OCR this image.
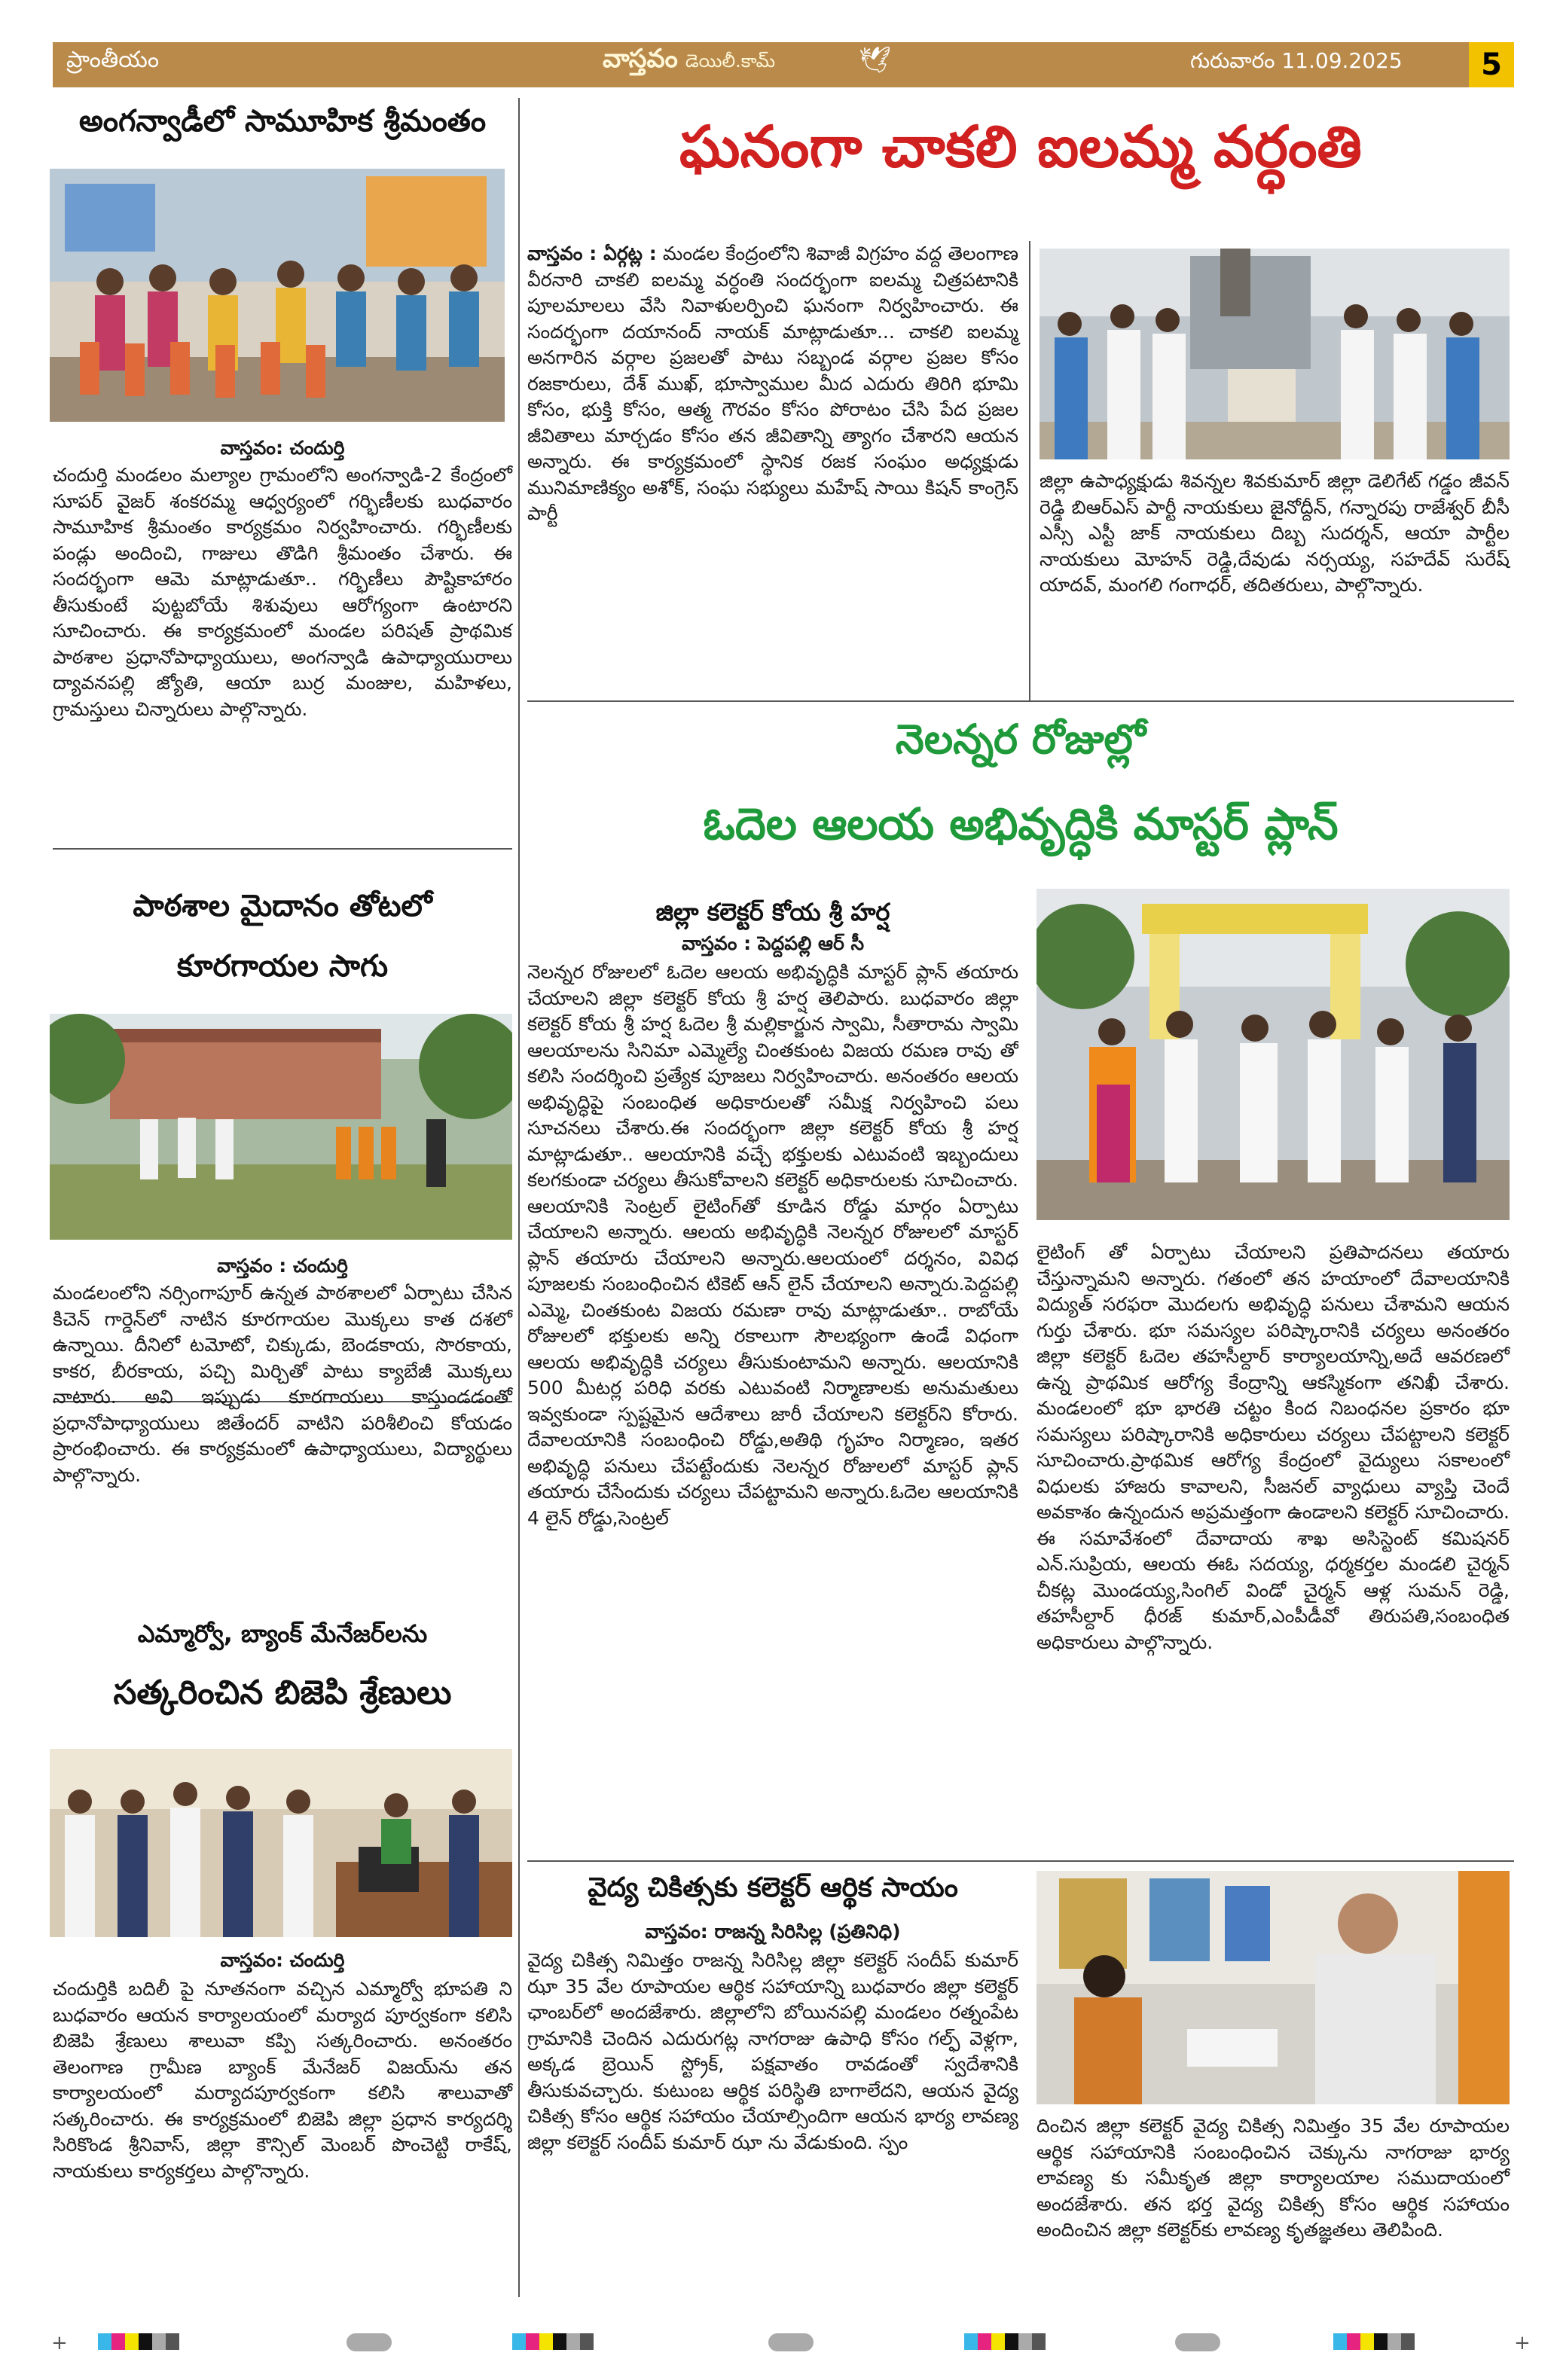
ప్రాంతీయం	వాస్తవం డెయిలీ.కామ్	🕊	గురువారం 11.09.2025	5
అంగన్వాడీలో సామూహిక శ్రీమంతం
వాస్తవం: చందుర్తి

చందుర్తి మండలం మల్యాల గ్రామంలోని అంగన్వాడి-2 కేంద్రంలో సూపర్ వైజర్ శంకరమ్మ ఆధ్వర్యంలో గర్భిణీలకు బుధవారం సామూహిక శ్రీమంతం కార్యక్రమం నిర్వహించారు. గర్భిణీలకు పండ్లు అందించి, గాజులు తొడిగి శ్రీమంతం చేశారు. ఈ సందర్భంగా ఆమె మాట్లాడుతూ.. గర్భిణీలు పౌష్టికాహారం తీసుకుంటే పుట్టబోయే శిశువులు ఆరోగ్యంగా ఉంటారని సూచించారు. ఈ కార్యక్రమంలో మండల పరిషత్ ప్రాథమిక పాఠశాల ప్రధానోపాధ్యాయులు, అంగన్వాడి ఉపాధ్యాయురాలు ద్యావనపల్లి జ్యోతి, ఆయా బుర్ర మంజుల, మహిళలు, గ్రామస్తులు చిన్నారులు పాల్గొన్నారు.

పాఠశాల మైదానం తోటలో
కూరగాయల సాగు
వాస్తవం : చందుర్తి

మండలంలోని నర్సింగాపూర్ ఉన్నత పాఠశాలలో ఏర్పాటు చేసిన కిచెన్ గార్డెన్‌లో నాటిన కూరగాయల మొక్కలు కాత దశలో ఉన్నాయి. దీనిలో టమోటో, చిక్కుడు, బెండకాయ, సొరకాయ, కాకర, బీరకాయ, పచ్చి మిర్చితో పాటు క్యాబేజీ మొక్కలు నాటారు. అవి ఇప్పుడు కూరగాయలు కాస్తుండడంతో ప్రధానోపాధ్యాయులు జితేందర్ వాటిని పరిశీలించి కోయడం ప్రారంభించారు. ఈ కార్యక్రమంలో ఉపాధ్యాయులు, విద్యార్థులు పాల్గొన్నారు.

ఎమ్మార్వో, బ్యాంక్ మేనేజర్‌లను
సత్కరించిన బిజెపి శ్రేణులు
వాస్తవం: చందుర్తి

చందుర్తికి బదిలీ పై నూతనంగా వచ్చిన ఎమ్మార్వో భూపతి ని బుధవారం ఆయన కార్యాలయంలో మర్యాద పూర్వకంగా కలిసి బిజెపి శ్రేణులు శాలువా కప్పి సత్కరించారు. అనంతరం తెలంగాణ గ్రామీణ బ్యాంక్ మేనేజర్ విజయ్‌ను తన కార్యాలయంలో మర్యాదపూర్వకంగా కలిసి శాలువాతో సత్కరించారు. ఈ కార్యక్రమంలో బిజెపి జిల్లా ప్రధాన కార్యదర్శి సిరికొండ శ్రీనివాస్, జిల్లా కౌన్సిల్ మెంబర్ పొంచెట్టి రాకేష్, నాయకులు కార్యకర్తలు పాల్గొన్నారు.

ఘనంగా చాకలి ఐలమ్మ వర్ధంతి

వాస్తవం : ఏర్గట్ల : మండల కేంద్రంలోని శివాజీ విగ్రహం వద్ద తెలంగాణ వీరనారి చాకలి ఐలమ్మ వర్ధంతి సందర్భంగా ఐలమ్మ చిత్రపటానికి పూలమాలలు వేసి నివాళులర్పించి ఘనంగా నిర్వహించారు. ఈ సందర్భంగా దయానంద్ నాయక్ మాట్లాడుతూ... చాకలి ఐలమ్మ అనగారిన వర్గాల ప్రజలతో పాటు సబ్బండ వర్గాల ప్రజల కోసం రజకారులు, దేశ్ ముఖ్, భూస్వాముల మీద ఎదురు తిరిగి భూమి కోసం, భుక్తి కోసం, ఆత్మ గౌరవం కోసం పోరాటం చేసి పేద ప్రజల జీవితాలు మార్చడం కోసం తన జీవితాన్ని త్యాగం చేశారని ఆయన అన్నారు. ఈ కార్యక్రమంలో స్థానిక రజక సంఘం అధ్యక్షుడు మునిమాణిక్యం అశోక్, సంఘ సభ్యులు మహేష్ సాయి కిషన్ కాంగ్రెస్ పార్టీ

జిల్లా ఉపాధ్యక్షుడు శివన్నల శివకుమార్ జిల్లా డెలిగేట్ గడ్డం జీవన్ రెడ్డి బిఆర్ఎస్ పార్టీ నాయకులు జైనోద్దీన్, గన్నారపు రాజేశ్వర్ బీసీ ఎస్సీ ఎస్టీ జాక్ నాయకులు దిబ్బ సుదర్శన్, ఆయా పార్టీల నాయకులు మోహన్ రెడ్డి,దేవుడు నర్సయ్య, సహదేవ్ సురేష్ యాదవ్, మంగలి గంగాధర్, తదితరులు, పాల్గొన్నారు.

నెలన్నర రోజుల్లో
ఓదెల ఆలయ అభివృద్ధికి మాస్టర్ ప్లాన్
జిల్లా కలెక్టర్ కోయ శ్రీ హర్ష
వాస్తవం : పెద్దపల్లి ఆర్ సీ

నెలన్నర రోజులలో ఓదెల ఆలయ అభివృద్ధికి మాస్టర్ ప్లాన్ తయారు చేయాలని జిల్లా కలెక్టర్ కోయ శ్రీ హర్ష తెలిపారు. బుధవారం జిల్లా కలెక్టర్ కోయ శ్రీ హర్ష ఓదెల శ్రీ మల్లికార్జున స్వామి, సీతారామ స్వామి ఆలయాలను సినిమా ఎమ్మెల్యే చింతకుంట విజయ రమణ రావు తో కలిసి సందర్శించి ప్రత్యేక పూజలు నిర్వహించారు. అనంతరం ఆలయ అభివృద్ధిపై సంబంధిత అధికారులతో సమీక్ష నిర్వహించి పలు సూచనలు చేశారు.ఈ సందర్భంగా జిల్లా కలెక్టర్ కోయ శ్రీ హర్ష మాట్లాడుతూ.. ఆలయానికి వచ్చే భక్తులకు ఎటువంటి ఇబ్బందులు కలగకుండా చర్యలు తీసుకోవాలని కలెక్టర్ అధికారులకు సూచించారు. ఆలయానికి సెంట్రల్ లైటింగ్‌తో కూడిన రోడ్డు మార్గం ఏర్పాటు చేయాలని అన్నారు. ఆలయ అభివృద్ధికి నెలన్నర రోజులలో మాస్టర్ ప్లాన్ తయారు చేయాలని అన్నారు.ఆలయంలో దర్శనం, వివిధ పూజలకు సంబంధించిన టికెట్ ఆన్ లైన్ చేయాలని అన్నారు.పెద్దపల్లి ఎమ్మె, చింతకుంట విజయ రమణా రావు మాట్లాడుతూ.. రాబోయే రోజులలో భక్తులకు అన్ని రకాలుగా సౌలభ్యంగా ఉండే విధంగా ఆలయ అభివృద్ధికి చర్యలు తీసుకుంటామని అన్నారు. ఆలయానికి 500 మీటర్ల పరిధి వరకు ఎటువంటి నిర్మాణాలకు అనుమతులు ఇవ్వకుండా స్పష్టమైన ఆదేశాలు జారీ చేయాలని కలెక్టర్‌ని కోరారు. దేవాలయానికి సంబంధించి రోడ్డు,అతిథి గృహం నిర్మాణం, ఇతర అభివృద్ధి పనులు చేపట్టేందుకు నెలన్నర రోజులలో మాస్టర్ ప్లాన్ తయారు చేసేందుకు చర్యలు చేపట్టామని అన్నారు.ఓదెల ఆలయానికి 4 లైన్ రోడ్డు,సెంట్రల్

లైటింగ్ తో ఏర్పాటు చేయాలని ప్రతిపాదనలు తయారు చేస్తున్నామని అన్నారు. గతంలో తన హయాంలో దేవాలయానికి విద్యుత్ సరఫరా మొదలగు అభివృద్ధి పనులు చేశామని ఆయన గుర్తు చేశారు. భూ సమస్యల పరిష్కారానికి చర్యలు అనంతరం జిల్లా కలెక్టర్ ఓదెల తహసీల్దార్ కార్యాలయాన్ని,అదే ఆవరణలో ఉన్న ప్రాథమిక ఆరోగ్య కేంద్రాన్ని ఆకస్మికంగా తనిఖీ చేశారు. మండలంలో భూ భారతి చట్టం కింద నిబంధనల ప్రకారం భూ సమస్యలు పరిష్కారానికి అధికారులు చర్యలు చేపట్టాలని కలెక్టర్ సూచించారు.ప్రాథమిక ఆరోగ్య కేంద్రంలో వైద్యులు సకాలంలో విధులకు హాజరు కావాలని, సీజనల్ వ్యాధులు వ్యాప్తి చెందే అవకాశం ఉన్నందున అప్రమత్తంగా ఉండాలని కలెక్టర్ సూచించారు. ఈ సమావేశంలో దేవాదాయ శాఖ అసిస్టెంట్ కమిషనర్ ఎన్.సుప్రియ, ఆలయ ఈఓ సదయ్య, ధర్మకర్తల మండలి చైర్మన్ చీకట్ల మొండయ్య,సింగిల్ విండో చైర్మన్ ఆళ్ల సుమన్ రెడ్డి, తహసీల్దార్ ధీరజ్ కుమార్,ఎంపీడీవో తిరుపతి,సంబంధిత అధికారులు పాల్గొన్నారు.

వైద్య చికిత్సకు కలెక్టర్ ఆర్థిక సాయం
వాస్తవం: రాజన్న సిరిసిల్ల (ప్రతినిధి)

వైద్య చికిత్స నిమిత్తం రాజన్న సిరిసిల్ల జిల్లా కలెక్టర్ సందీప్ కుమార్ ఝా 35 వేల రూపాయల ఆర్థిక సహాయాన్ని బుధవారం జిల్లా కలెక్టర్ ఛాంబర్‌లో అందజేశారు. జిల్లాలోని బోయినపల్లి మండలం రత్నంపేట గ్రామానికి చెందిన ఎదురుగట్ల నాగరాజు ఉపాధి కోసం గల్ఫ్ వెళ్లగా, అక్కడ బ్రెయిన్ స్ట్రోక్, పక్షవాతం రావడంతో స్వదేశానికి తీసుకువచ్చారు. కుటుంబ ఆర్థిక పరిస్థితి బాగాలేదని, ఆయన వైద్య చికిత్స కోసం ఆర్థిక సహాయం చేయాల్సిందిగా ఆయన భార్య లావణ్య జిల్లా కలెక్టర్ సందీప్ కుమార్ ఝా ను వేడుకుంది. స్పం

దించిన జిల్లా కలెక్టర్ వైద్య చికిత్స నిమిత్తం 35 వేల రూపాయల ఆర్థిక సహాయానికి సంబంధించిన చెక్కును నాగరాజు భార్య లావణ్య కు సమీకృత జిల్లా కార్యాలయాల సముదాయంలో అందజేశారు. తన భర్త వైద్య చికిత్స కోసం ఆర్థిక సహాయం అందించిన జిల్లా కలెక్టర్‌కు లావణ్య కృతజ్ఞతలు తెలిపింది.

+	+
